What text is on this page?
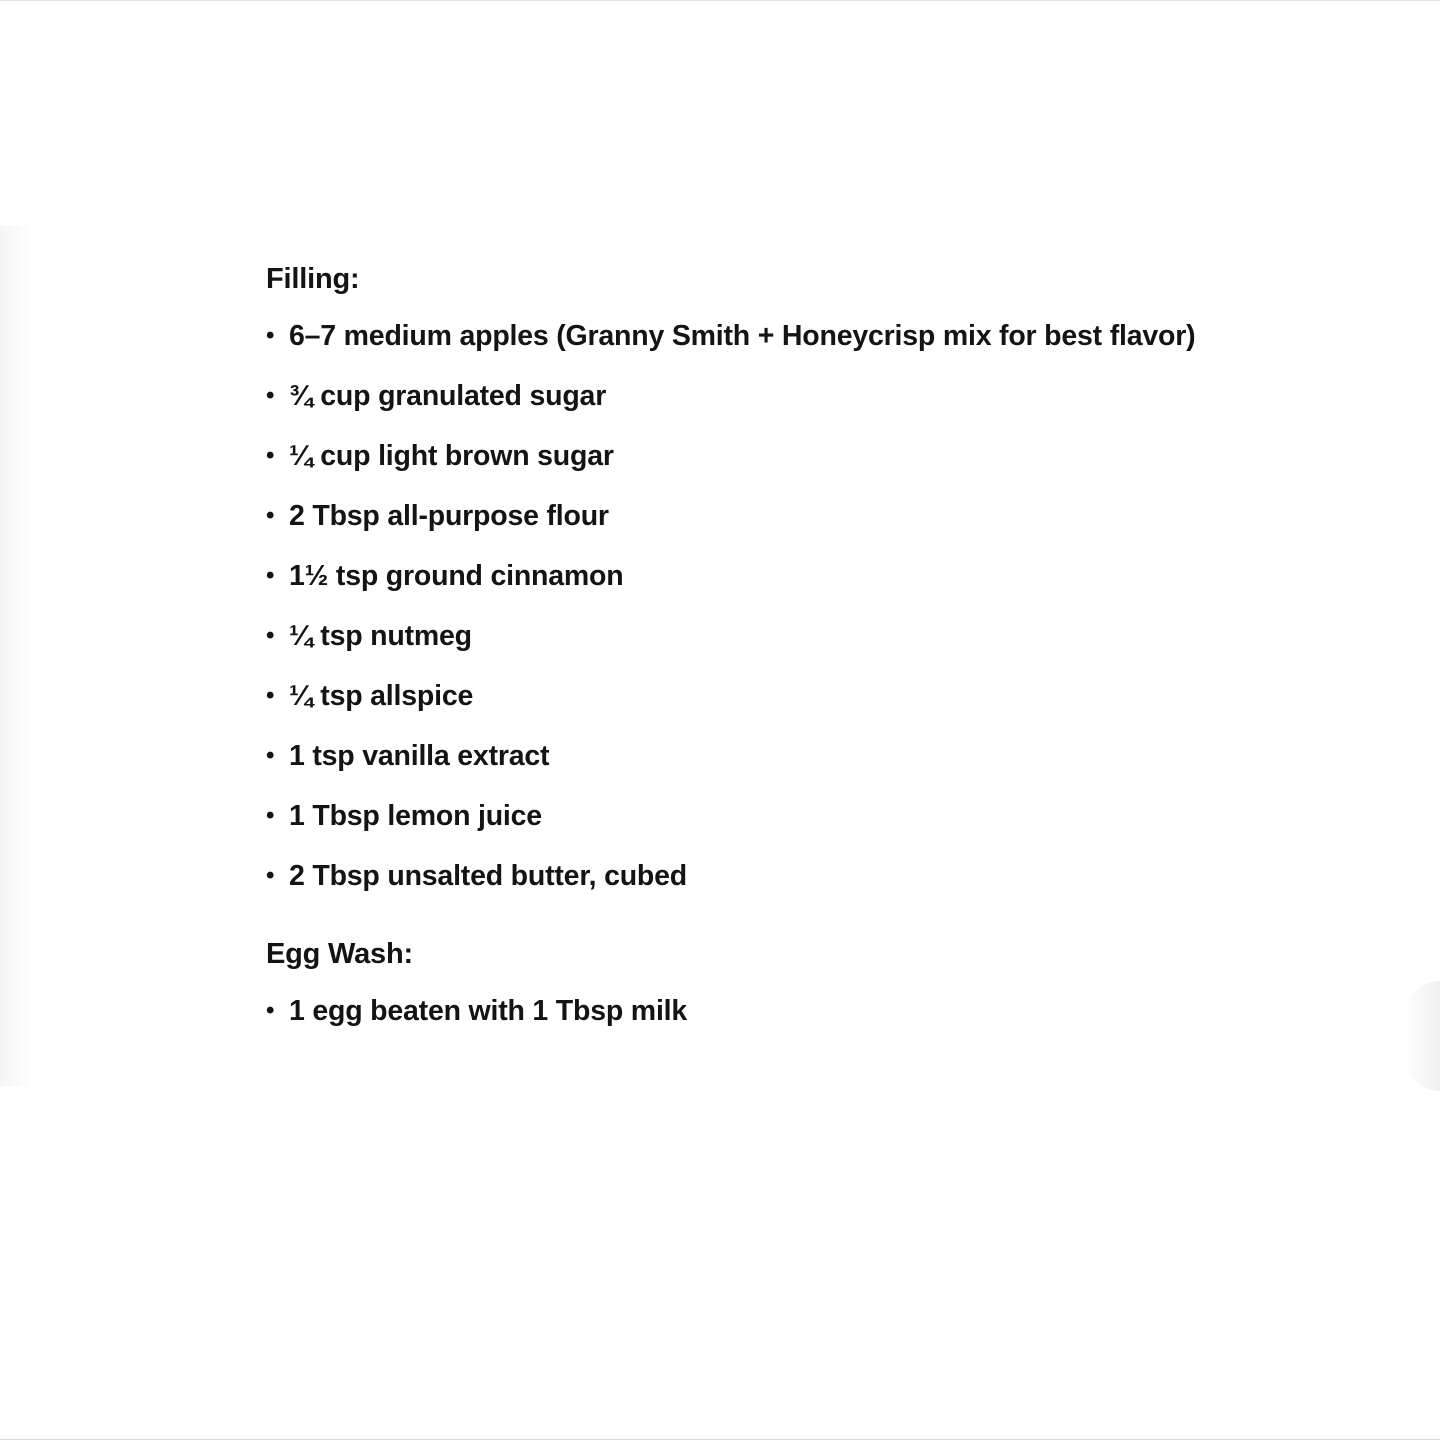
Filling:
• 6–7 medium apples (Granny Smith + Honeycrisp mix for best flavor)
• ¾ cup granulated sugar
• ¼ cup light brown sugar
• 2 Tbsp all-purpose flour
• 1½ tsp ground cinnamon
• ¼ tsp nutmeg
• ¼ tsp allspice
• 1 tsp vanilla extract
• 1 Tbsp lemon juice
• 2 Tbsp unsalted butter, cubed
Egg Wash:
• 1 egg beaten with 1 Tbsp milk
